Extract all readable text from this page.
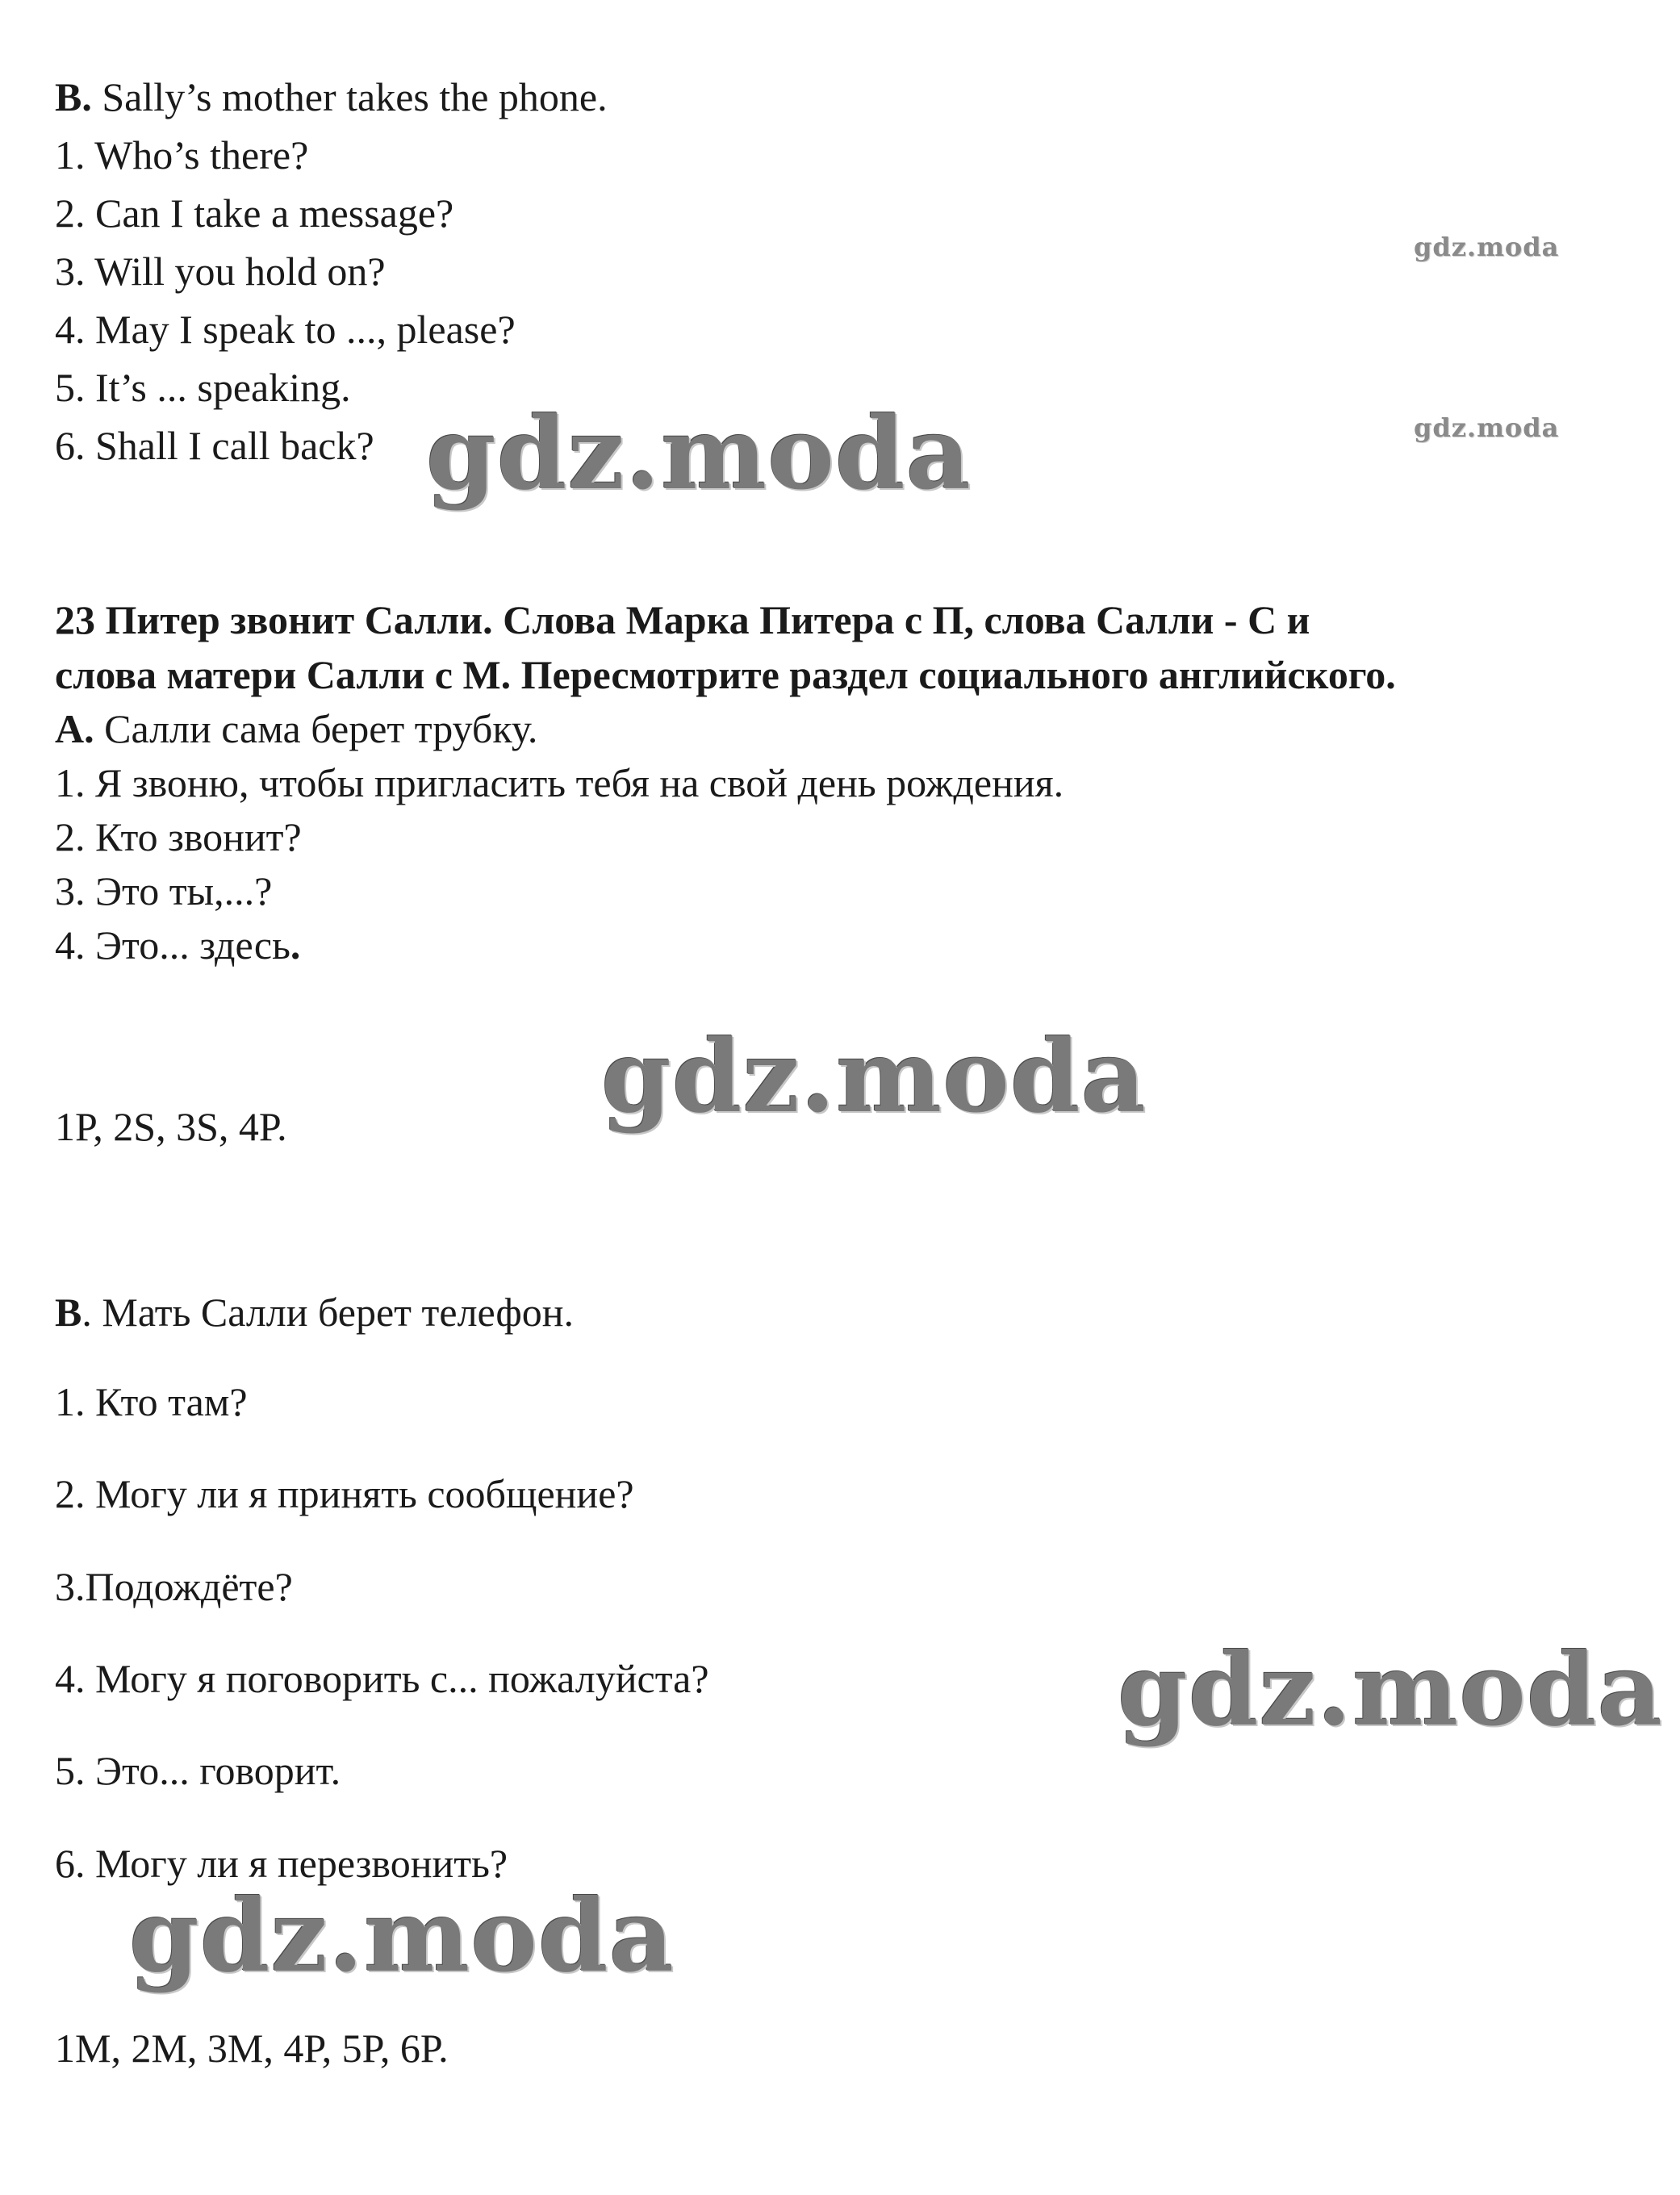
B. Sally’s mother takes the phone.
1. Who’s there?
2. Can I take a message?
3. Will you hold on?
4. May I speak to ..., please?
5. It’s ... speaking.
6. Shall I call back?
23 Питер звонит Салли. Слова Марка Питера с П, слова Салли - С и
слова матери Салли с М. Пересмотрите раздел социального английского.
А. Салли сама берет трубку.
1. Я звоню, чтобы пригласить тебя на свой день рождения.
2. Кто звонит?
3. Это ты,...?
4. Это... здесь.
1P, 2S, 3S, 4P.
В. Мать Салли берет телефон.
1. Кто там?
2. Могу ли я принять сообщение?
3.Подождёте?
4. Могу я поговорить с... пожалуйста?
5. Это... говорит.
6. Могу ли я перезвонить?
1M, 2M, 3M, 4P, 5P, 6P.
gdz.moda
gdz.moda
gdz.moda
gdz.moda
gdz.moda
gdz.moda
